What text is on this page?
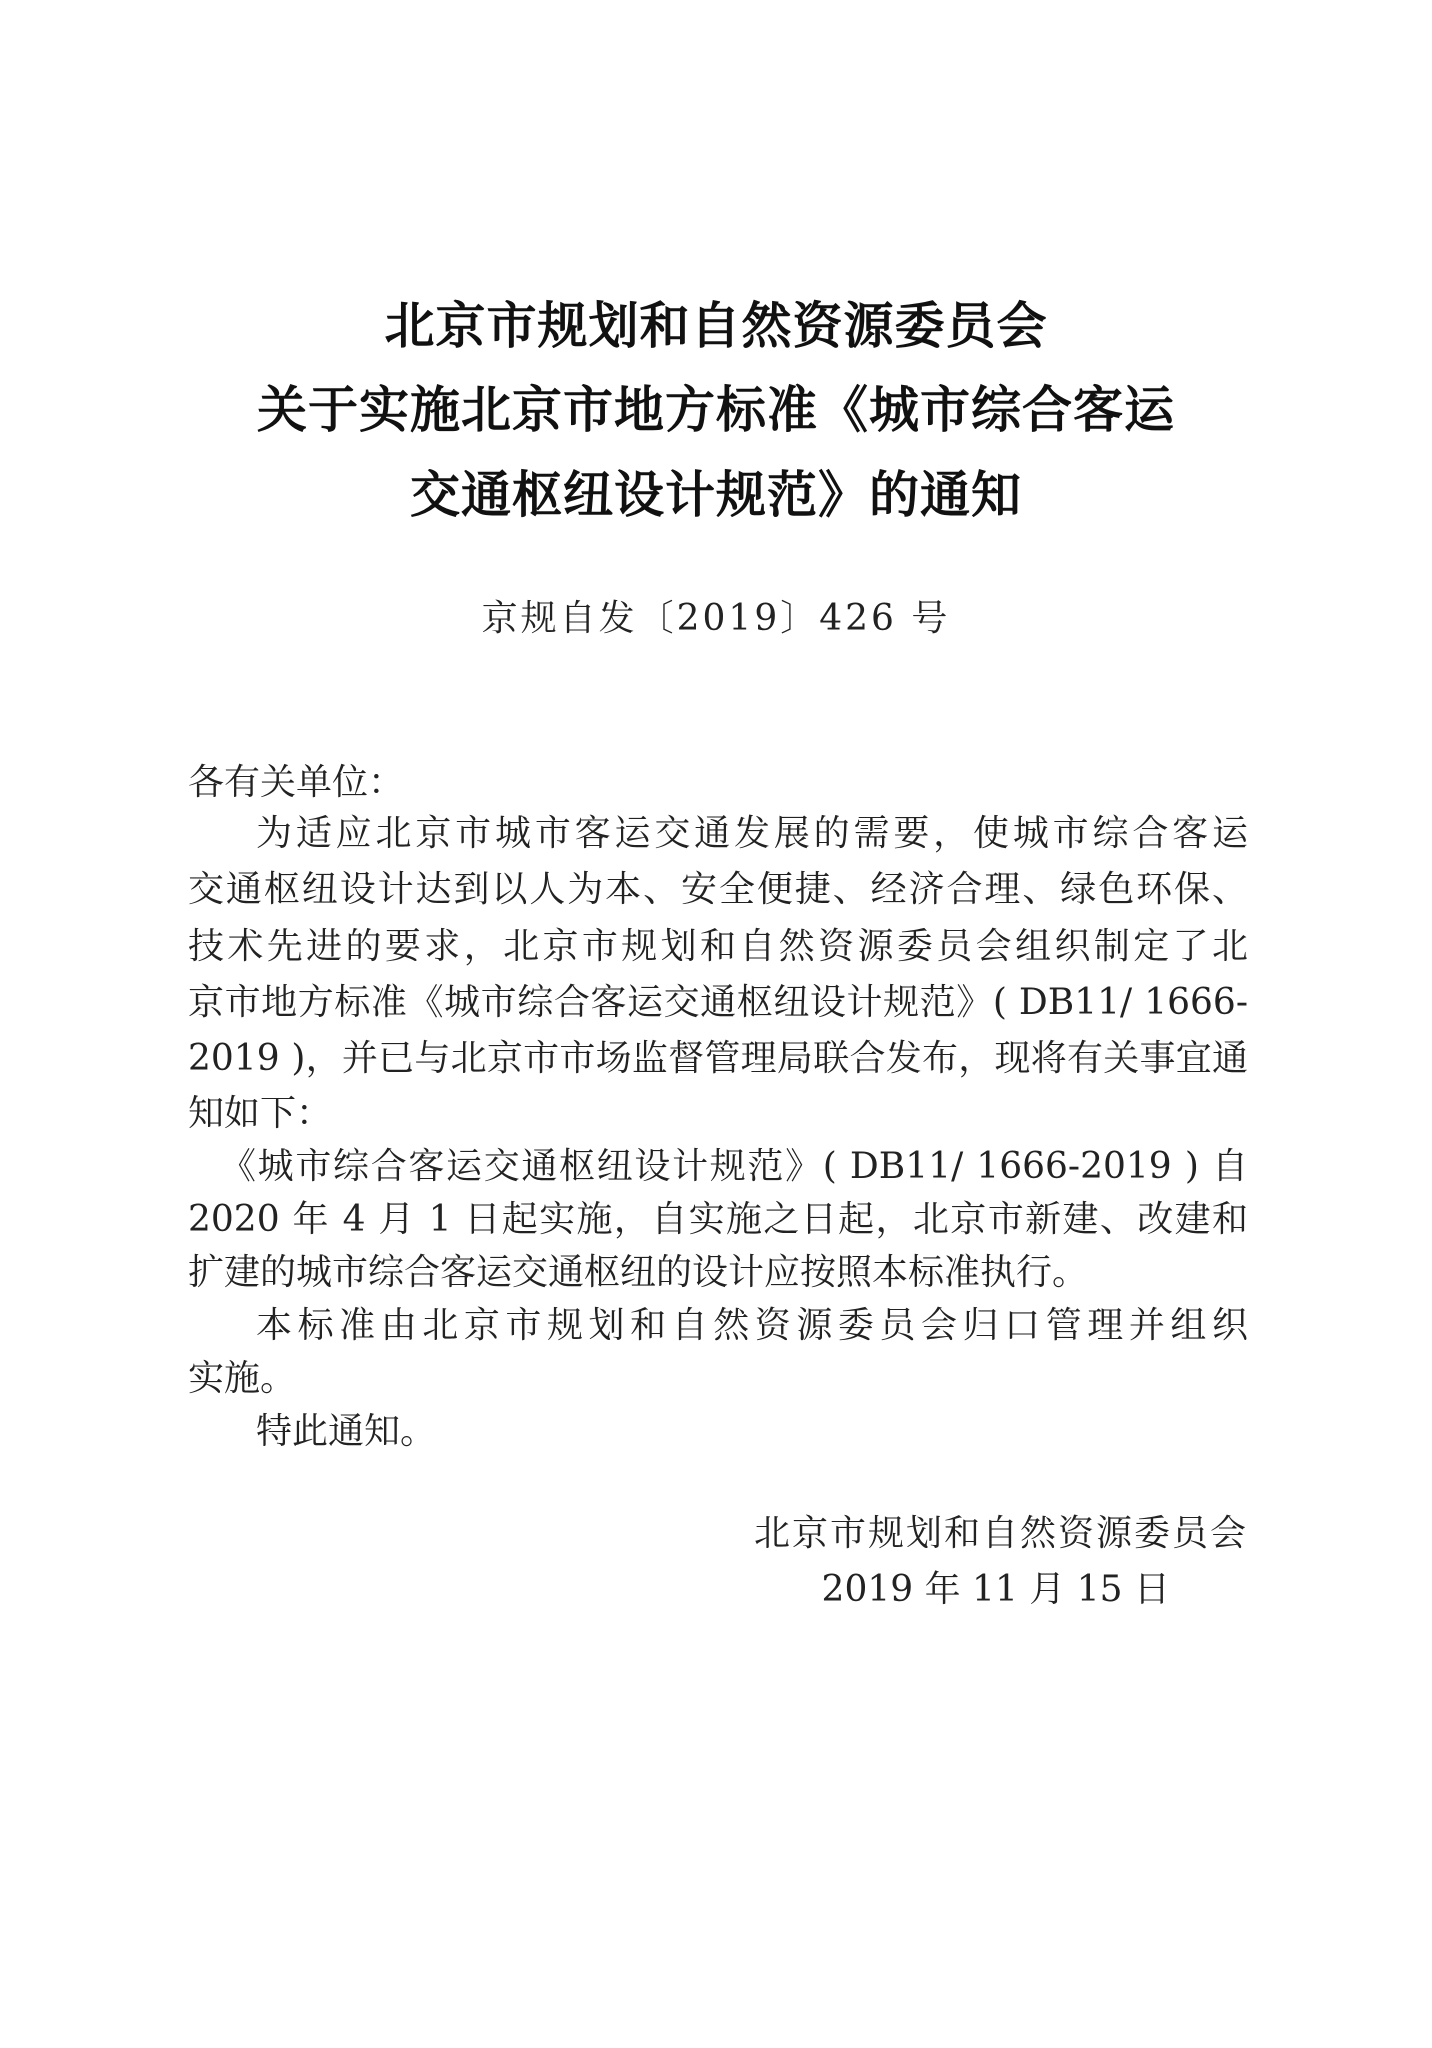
北京市规划和自然资源委员会
关于实施北京市地方标准《城市综合客运
交通枢纽设计规范》的通知
京规自发〔2019〕426 号
各有关单位：
为适应北京市城市客运交通发展的需要，使城市综合客运
交通枢纽设计达到以人为本、安全便捷、经济合理、绿色环保、
技术先进的要求，北京市规划和自然资源委员会组织制定了北
京市地方标准《城市综合客运交通枢纽设计规范》( DB11/ 1666-
2019 )，并已与北京市市场监督管理局联合发布，现将有关事宜通
知如下：
《城市综合客运交通枢纽设计规范》( DB11/ 1666-2019 ) 自
2020 年 4 月 1 日起实施，自实施之日起，北京市新建、改建和
扩建的城市综合客运交通枢纽的设计应按照本标准执行。
本标准由北京市规划和自然资源委员会归口管理并组织
实施。
特此通知。
北京市规划和自然资源委员会
2019 年 11 月 15 日
